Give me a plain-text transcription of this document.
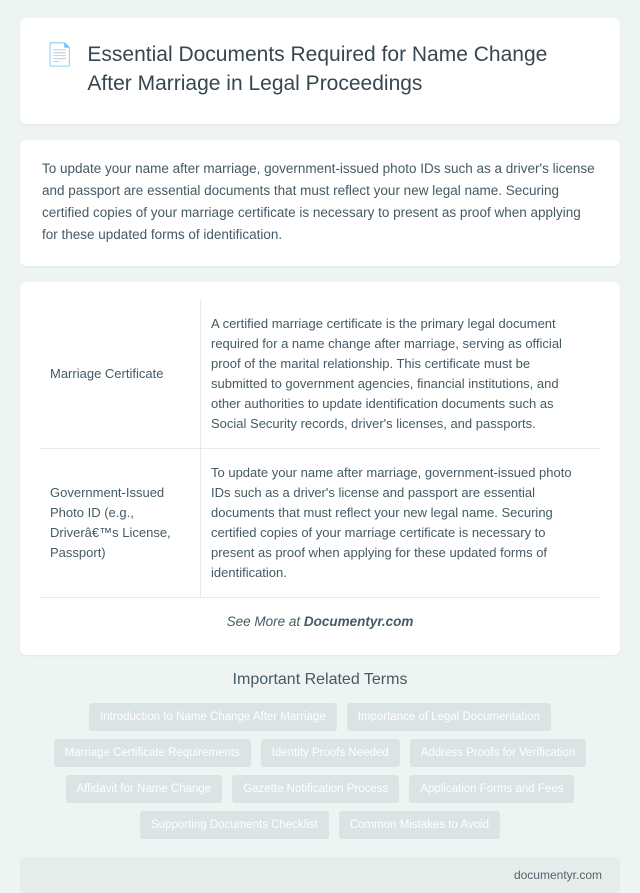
📄 Essential Documents Required for Name Change After Marriage in Legal Proceedings

To update your name after marriage, government-issued photo IDs such as a driver's license and passport are essential documents that must reflect your new legal name. Securing certified copies of your marriage certificate is necessary to present as proof when applying for these updated forms of identification.

Marriage Certificate	A certified marriage certificate is the primary legal document required for a name change after marriage, serving as official proof of the marital relationship. This certificate must be submitted to government agencies, financial institutions, and other authorities to update identification documents such as Social Security records, driver's licenses, and passports.
Government-Issued Photo ID (e.g., Driverâ€™s License, Passport)	To update your name after marriage, government-issued photo IDs such as a driver's license and passport are essential documents that must reflect your new legal name. Securing certified copies of your marriage certificate is necessary to present as proof when applying for these updated forms of identification.
See More at Documentyr.com
Important Related Terms
Introduction to Name Change After Marriage	Importance of Legal Documentation
Marriage Certificate Requirements	Identity Proofs Needed	Address Proofs for Verification
Affidavit for Name Change	Gazette Notification Process	Application Forms and Fees
Supporting Documents Checklist	Common Mistakes to Avoid
documentyr.com
